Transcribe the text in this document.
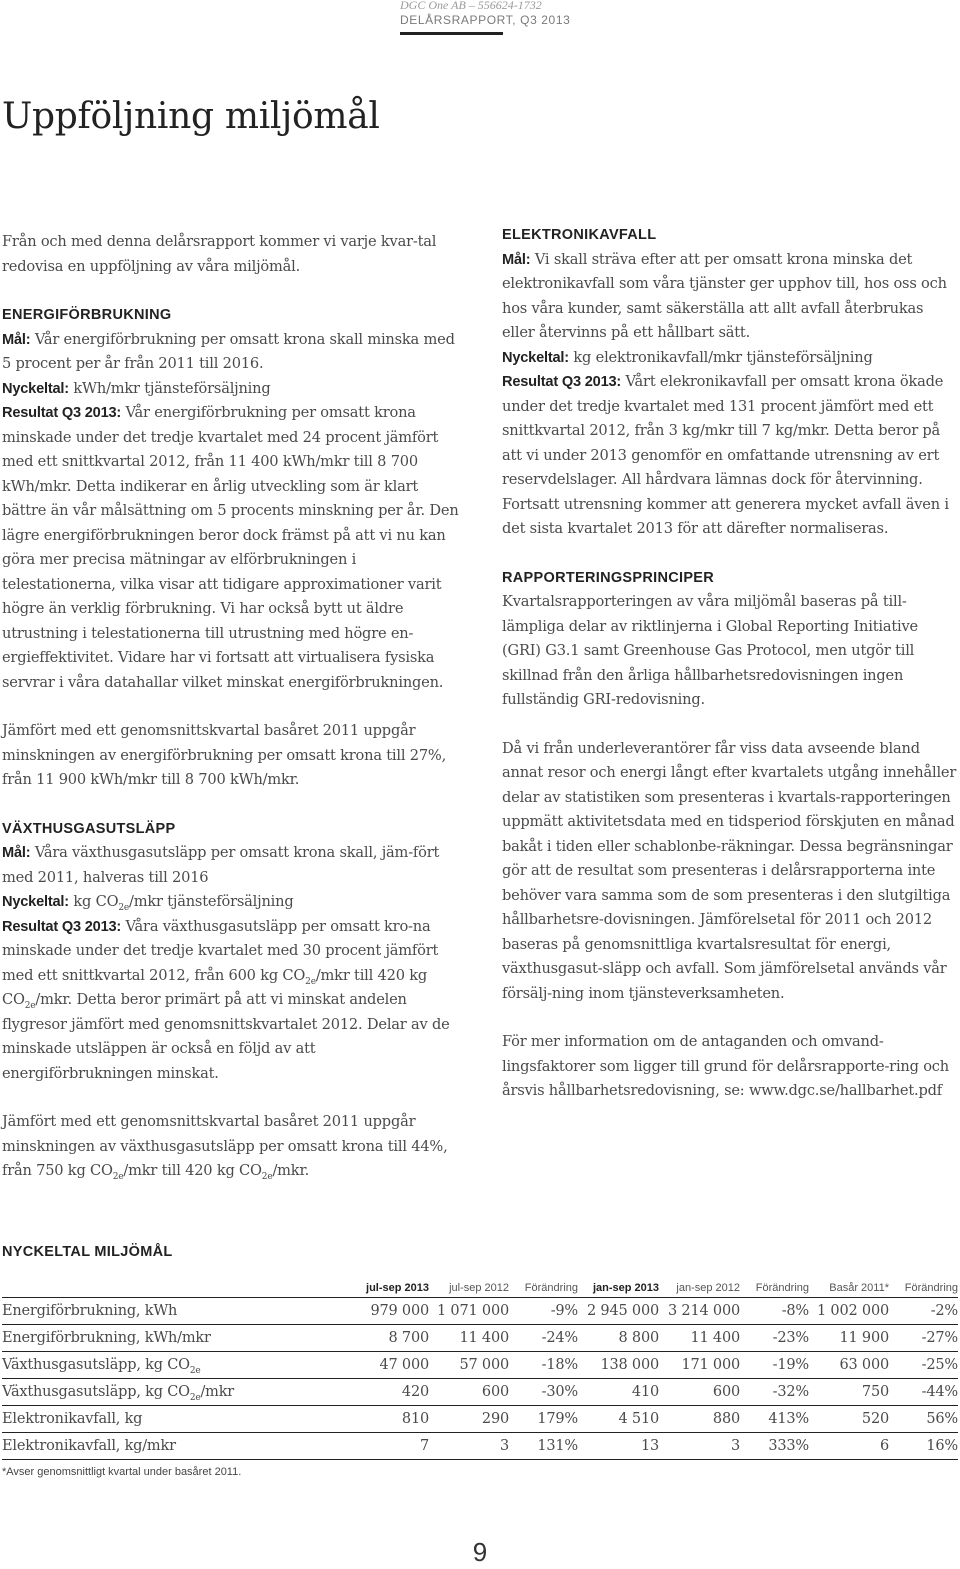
DGC One AB – 556624-1732
DELÅRSRAPPORT, Q3 2013
Uppföljning miljömål

Från och med denna delårsrapport kommer vi varje kvar-tal redovisa en uppföljning av våra miljömål.

ENERGIFÖRBRUKNING

Mål: Vår energiförbrukning per omsatt krona skall minska med 5 procent per år från 2011 till 2016.

Nyckeltal: kWh/mkr tjänsteförsäljning

Resultat Q3 2013: Vår energiförbrukning per omsatt krona minskade under det tredje kvartalet med 24 procent jämfört med ett snittkvartal 2012, från 11 400 kWh/mkr till 8 700 kWh/mkr. Detta indikerar en årlig utveckling som är klart bättre än vår målsättning om 5 procents minskning per år. Den lägre energiförbrukningen beror dock främst på att vi nu kan göra mer precisa mätningar av elförbrukningen i telestationerna, vilka visar att tidigare approximationer varit högre än verklig förbrukning. Vi har också bytt ut äldre utrustning i telestationerna till utrustning med högre en-ergieffektivitet. Vidare har vi fortsatt att virtualisera fysiska servrar i våra datahallar vilket minskat energiförbrukningen.

Jämfört med ett genomsnittskvartal basåret 2011 uppgår minskningen av energiförbrukning per omsatt krona till 27%, från 11 900 kWh/mkr till 8 700 kWh/mkr.

VÄXTHUSGASUTSLÄPP

Mål: Våra växthusgasutsläpp per omsatt krona skall, jäm-fört med 2011, halveras till 2016

Nyckeltal: kg $CO_{2e}$/mkr tjänsteförsäljning

Resultat Q3 2013: Våra växthusgasutsläpp per omsatt kro-na minskade under det tredje kvartalet med 30 procent jämfört med ett snittkvartal 2012, från 600 kg $CO_{2e}$/mkr till 420 kg $CO_{2e}$/mkr. Detta beror primärt på att vi minskat andelen flygresor jämfört med genomsnittskvartalet 2012. Delar av de minskade utsläppen är också en följd av att energiförbrukningen minskat.

Jämfört med ett genomsnittskvartal basåret 2011 uppgår minskningen av växthusgasutsläpp per omsatt krona till 44%, från 750 kg $CO_{2e}$/mkr till 420 kg $CO_{2e}$/mkr.

ELEKTRONIKAVFALL

Mål: Vi skall sträva efter att per omsatt krona minska det elektronikavfall som våra tjänster ger upphov till, hos oss och hos våra kunder, samt säkerställa att allt avfall återbrukas eller återvinns på ett hållbart sätt.

Nyckeltal: kg elektronikavfall/mkr tjänsteförsäljning

Resultat Q3 2013: Vårt elekronikavfall per omsatt krona ökade under det tredje kvartalet med 131 procent jämfört med ett snittkvartal 2012, från 3 kg/mkr till 7 kg/mkr. Detta beror på att vi under 2013 genomför en omfattande utrensning av ert reservdelslager. All hårdvara lämnas dock för återvinning. Fortsatt utrensning kommer att generera mycket avfall även i det sista kvartalet 2013 för att därefter normaliseras.

RAPPORTERINGSPRINCIPER

Kvartalsrapporteringen av våra miljömål baseras på till-lämpliga delar av riktlinjerna i Global Reporting Initiative (GRI) G3.1 samt Greenhouse Gas Protocol, men utgör till skillnad från den årliga hållbarhetsredovisningen ingen fullständig GRI-redovisning.

Då vi från underleverantörer får viss data avseende bland annat resor och energi långt efter kvartalets utgång innehåller delar av statistiken som presenteras i kvartals-rapporteringen uppmätt aktivitetsdata med en tidsperiod förskjuten en månad bakåt i tiden eller schablonbe-räkningar. Dessa begränsningar gör att de resultat som presenteras i delårsrapporterna inte behöver vara samma som de som presenteras i den slutgiltiga hållbarhetsre-dovisningen. Jämförelsetal för 2011 och 2012 baseras på genomsnittliga kvartalsresultat för energi, växthusgasut-släpp och avfall. Som jämförelsetal används vår försälj-ning inom tjänsteverksamheten.

För mer information om de antaganden och omvand-lingsfaktorer som ligger till grund för delårsrapporte-ring och årsvis hållbarhetsredovisning, se: www.dgc.se/hallbarhet.pdf

NYCKELTAL MILJÖMÅL
	jul-sep 2013	jul-sep 2012	Förändring	jan-sep 2013	jan-sep 2012	Förändring	Basår 2011*	Förändring
Energiförbrukning, kWh	979 000	1 071 000	-9%	2 945 000	3 214 000	-8%	1 002 000	-2%
Energiförbrukning, kWh/mkr	8 700	11 400	-24%	8 800	11 400	-23%	11 900	-27%
Växthusgasutsläpp, kg $CO_{2e}$	47 000	57 000	-18%	138 000	171 000	-19%	63 000	-25%
Växthusgasutsläpp, kg $CO_{2e}$/mkr	420	600	-30%	410	600	-32%	750	-44%
Elektronikavfall, kg	810	290	179%	4 510	880	413%	520	56%
Elektronikavfall, kg/mkr	7	3	131%	13	3	333%	6	16%
*Avser genomsnittligt kvartal under basåret 2011.
9
